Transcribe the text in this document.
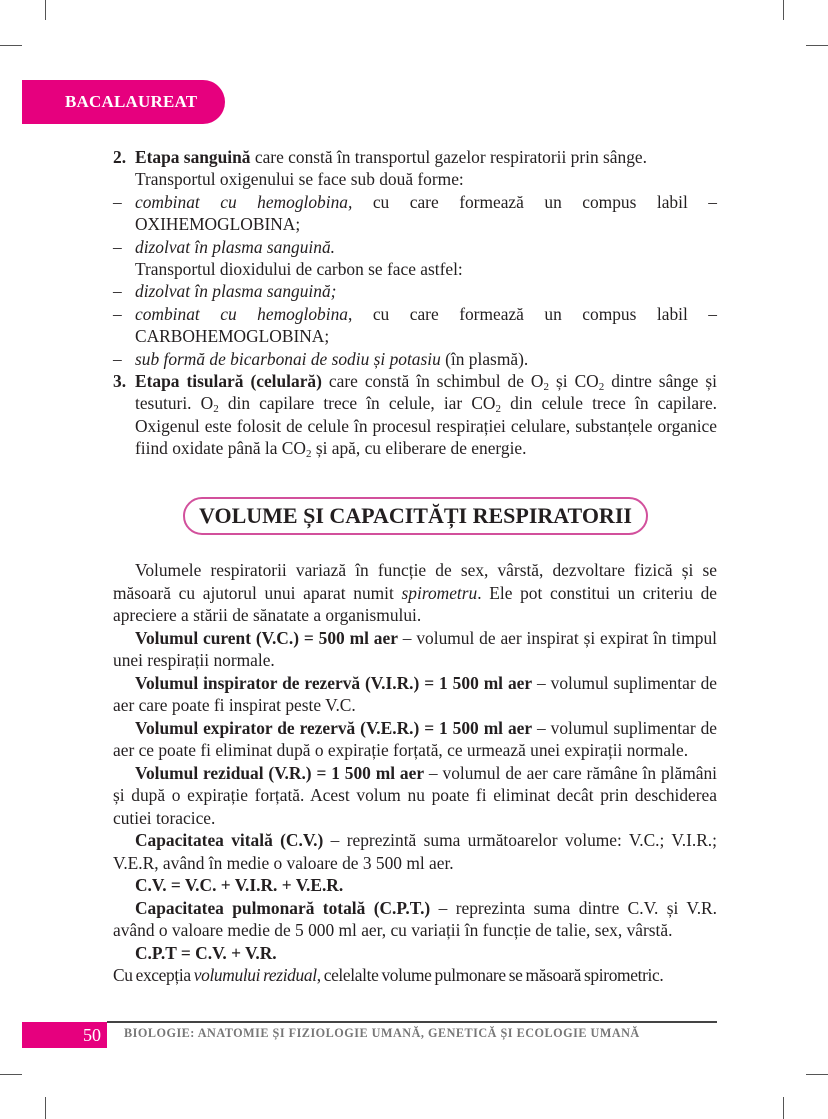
BACALAUREAT

2. Etapa sanguină care constă în transportul gazelor respiratorii prin sânge.

Transportul oxigenului se face sub două forme:

– combinat cu hemoglobina, cu care formează un compus labil – OXIHEMOGLOBINA;

– dizolvat în plasma sanguină.

Transportul dioxidului de carbon se face astfel:

– dizolvat în plasma sanguină;

– combinat cu hemoglobina, cu care formează un compus labil – CARBOHEMOGLOBINA;

– sub formă de bicarbonai de sodiu și potasiu (în plasmă).

3. Etapa tisulară (celulară) care constă în schimbul de $O_2$ și $CO_2$ dintre sânge și tesuturi. $O_2$ din capilare trece în celule, iar $CO_2$ din celule trece în capilare. Oxigenul este folosit de celule în procesul respirației celulare, substanțele organice fiind oxidate până la $CO_2$ și apă, cu eliberare de energie.

VOLUME ȘI CAPACITĂȚI RESPIRATORII

Volumele respiratorii variază în funcție de sex, vârstă, dezvoltare fizică și se măsoară cu ajutorul unui aparat numit spirometru. Ele pot constitui un criteriu de apreciere a stării de sănatate a organismului.

Volumul curent (V.C.) = 500 ml aer – volumul de aer inspirat și expirat în timpul unei respirații normale.

Volumul inspirator de rezervă (V.I.R.) = 1 500 ml aer – volumul suplimentar de aer care poate fi inspirat peste V.C.

Volumul expirator de rezervă (V.E.R.) = 1 500 ml aer – volumul suplimentar de aer ce poate fi eliminat după o expirație forțată, ce urmează unei expirații normale.

Volumul rezidual (V.R.) = 1 500 ml aer – volumul de aer care rămâne în plămâni și după o expirație forțată. Acest volum nu poate fi eliminat decât prin deschiderea cutiei toracice.

Capacitatea vitală (C.V.) – reprezintă suma următoarelor volume: V.C.; V.I.R.; V.E.R, având în medie o valoare de 3 500 ml aer.

C.V. = V.C. + V.I.R. + V.E.R.

Capacitatea pulmonară totală (C.P.T.) – reprezinta suma dintre C.V. și V.R. având o valoare medie de 5 000 ml aer, cu variații în funcție de talie, sex, vârstă.

C.P.T = C.V. + V.R.

Cu excepția volumului rezidual, celelalte volume pulmonare se măsoară spirometric.

50	BIOLOGIE: ANATOMIE ȘI FIZIOLOGIE UMANĂ, GENETICĂ ȘI ECOLOGIE UMANĂ
